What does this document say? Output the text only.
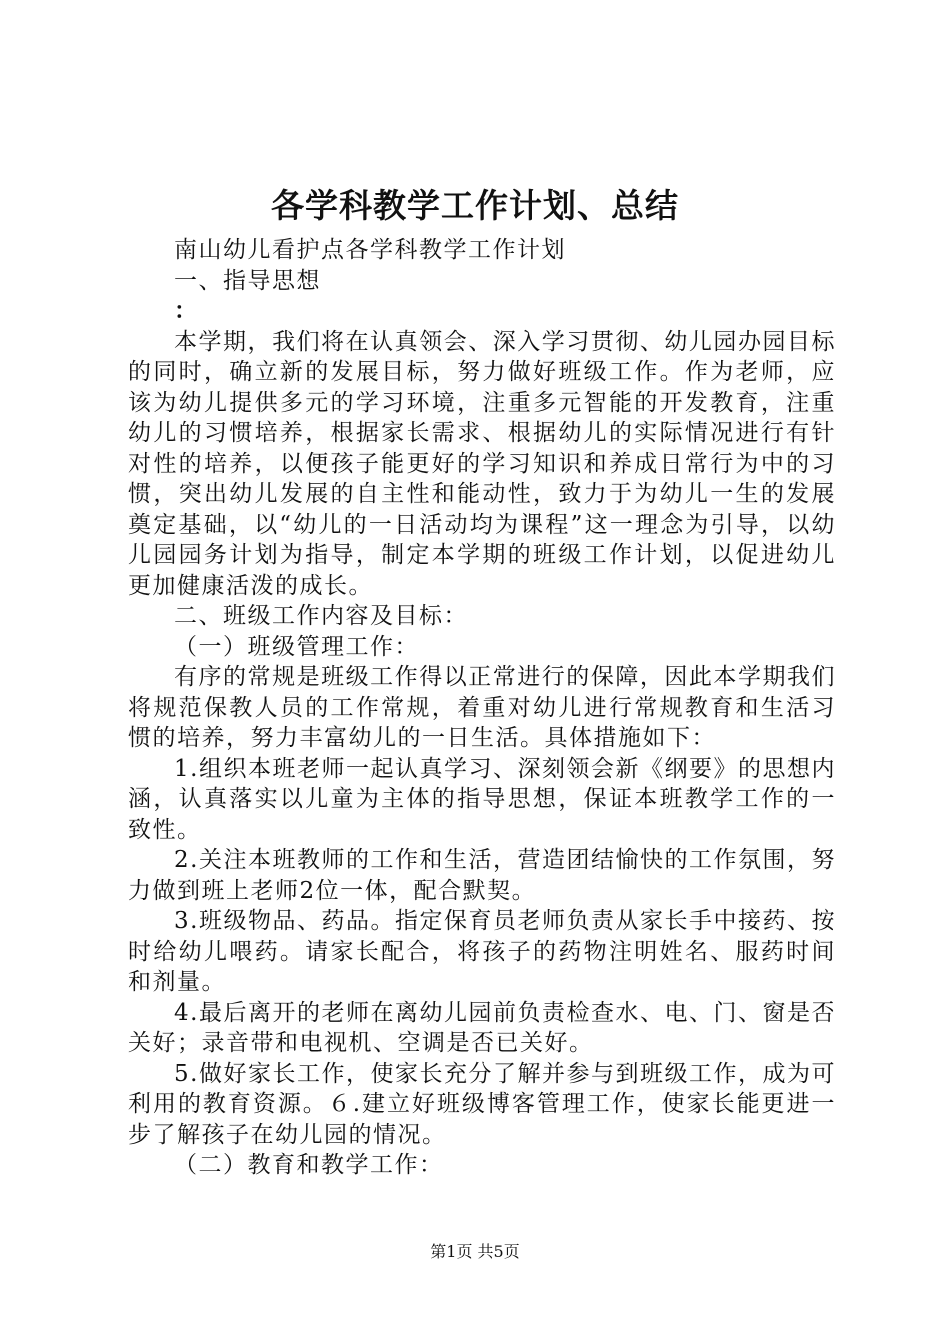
各学科教学工作计划、总结

南山幼儿看护点各学科教学工作计划

一、指导思想

：

本学期，我们将在认真领会、深入学习贯彻、幼儿园办园目标的同时，确立新的发展目标，努力做好班级工作。作为老师，应该为幼儿提供多元的学习环境，注重多元智能的开发教育，注重幼儿的习惯培养，根据家长需求、根据幼儿的实际情况进行有针对性的培养，以便孩子能更好的学习知识和养成日常行为中的习惯，突出幼儿发展的自主性和能动性，致力于为幼儿一生的发展奠定基础，以“幼儿的一日活动均为课程”这一理念为引导，以幼儿园园务计划为指导，制定本学期的班级工作计划，以促进幼儿更加健康活泼的成长。

二、班级工作内容及目标：

（一）班级管理工作：

有序的常规是班级工作得以正常进行的保障，因此本学期我们将规范保教人员的工作常规，着重对幼儿进行常规教育和生活习惯的培养，努力丰富幼儿的一日生活。具体措施如下：

1.组织本班老师一起认真学习、深刻领会新《纲要》的思想内涵，认真落实以儿童为主体的指导思想，保证本班教学工作的一致性。

2.关注本班教师的工作和生活，营造团结愉快的工作氛围，努力做到班上老师2位一体，配合默契。

3.班级物品、药品。指定保育员老师负责从家长手中接药、按时给幼儿喂药。请家长配合，将孩子的药物注明姓名、服药时间和剂量。

4.最后离开的老师在离幼儿园前负责检查水、电、门、窗是否关好；录音带和电视机、空调是否已关好。

5.做好家长工作，使家长充分了解并参与到班级工作，成为可利用的教育资源。６.建立好班级博客管理工作，使家长能更进一步了解孩子在幼儿园的情况。

（二）教育和教学工作：

第1页 共5页
